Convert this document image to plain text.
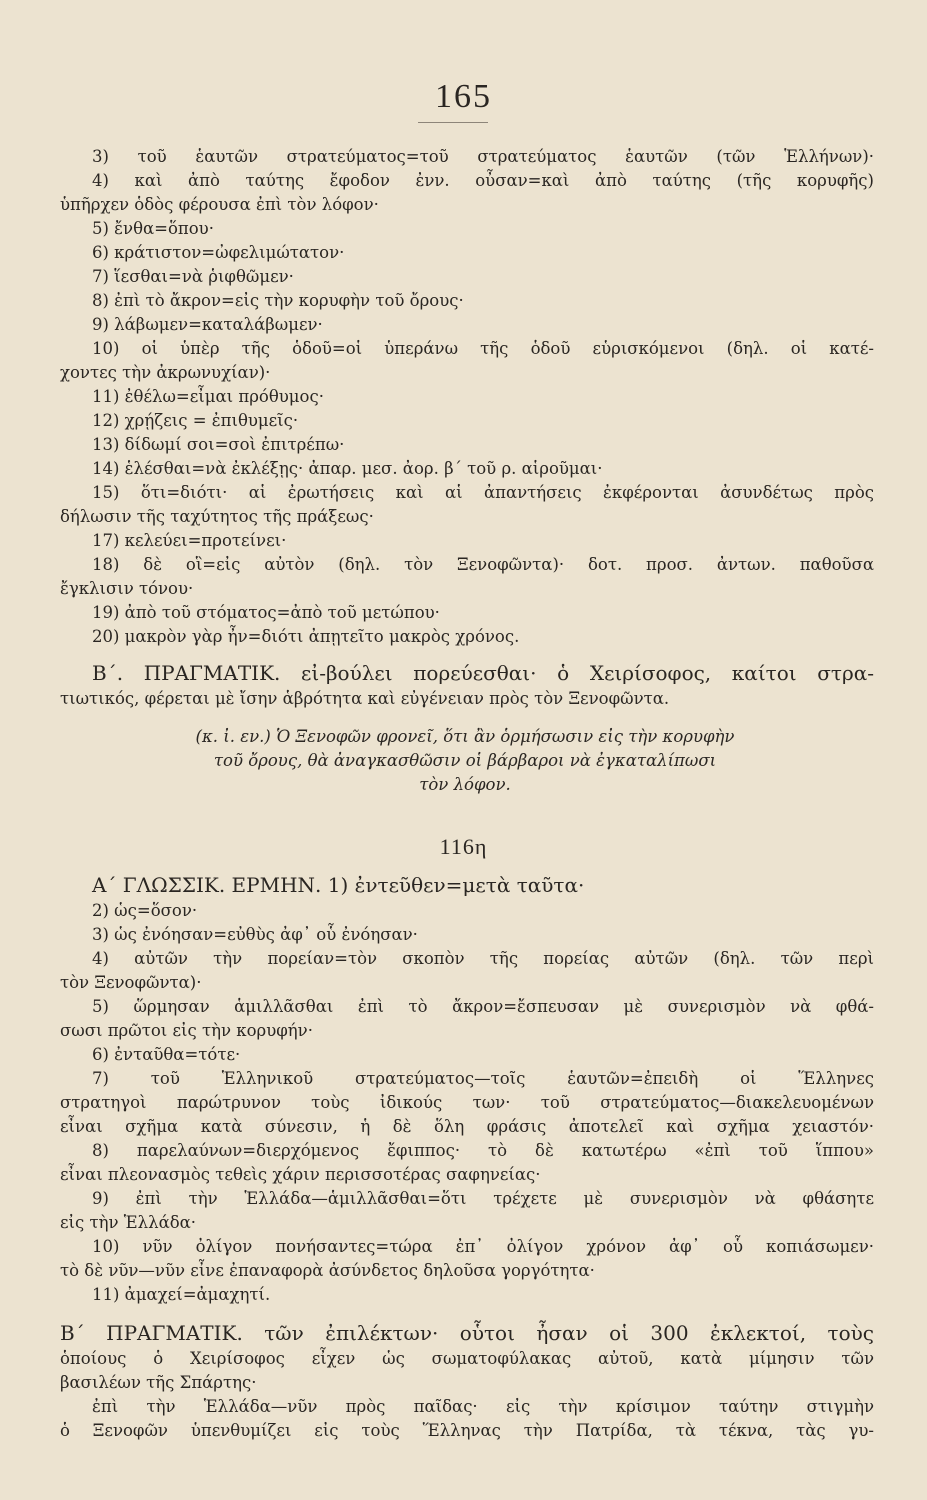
165
3) τοῦ ἑαυτῶν στρατεύματος=τοῦ στρατεύματος ἑαυτῶν (τῶν Ἑλλήνων)·
4) καὶ ἀπὸ ταύτης ἔφοδον ἐνν. οὖσαν=καὶ ἀπὸ ταύτης (τῆς κορυφῆς)
ὑπῆρχεν ὁδὸς φέρουσα ἐπὶ τὸν λόφον·
5) ἔνθα=ὅπου·
6) κράτιστον=ὠφελιμώτατον·
7) ἵεσθαι=νὰ ῥιφθῶμεν·
8) ἐπὶ τὸ ἄκρον=εἰς τὴν κορυφὴν τοῦ ὄρους·
9) λάβωμεν=καταλάβωμεν·
10) οἱ ὑπὲρ τῆς ὁδοῦ=οἱ ὑπεράνω τῆς ὁδοῦ εὑρισκόμενοι (δηλ. οἱ κατέ-
χοντες τὴν ἀκρωνυχίαν)·
11) ἐθέλω=εἶμαι πρόθυμος·
12) χρῄζεις = ἐπιθυμεῖς·
13) δίδωμί σοι=σοὶ ἐπιτρέπω·
14) ἑλέσθαι=νὰ ἐκλέξῃς· ἀπαρ. μεσ. ἀορ. β´ τοῦ ρ. αἱροῦμαι·
15) ὅτι=διότι· αἱ ἐρωτήσεις καὶ αἱ ἀπαντήσεις ἐκφέρονται ἀσυνδέτως πρὸς
δήλωσιν τῆς ταχύτητος τῆς πράξεως·
17) κελεύει=προτείνει·
18) δὲ οἳ=εἰς αὐτὸν (δηλ. τὸν Ξενοφῶντα)· δοτ. προσ. ἀντων. παθοῦσα
ἔγκλισιν τόνου·
19) ἀπὸ τοῦ στόματος=ἀπὸ τοῦ μετώπου·
20) μακρὸν γὰρ ἦν=διότι ἀπῃτεῖτο μακρὸς χρόνος.
Β´. ΠΡΑΓΜΑΤΙΚ. εἰ-βούλει πορεύεσθαι· ὁ Χειρίσοφος, καίτοι στρα-
τιωτικός, φέρεται μὲ ἴσην ἁβρότητα καὶ εὐγένειαν πρὸς τὸν Ξενοφῶντα.
(κ. ἰ. εν.) Ὁ Ξενοφῶν φρονεῖ, ὅτι ἂν ὁρμήσωσιν εἰς τὴν κορυφὴν
τοῦ ὄρους, θὰ ἀναγκασθῶσιν οἱ βάρβαροι νὰ ἐγκαταλίπωσι
τὸν λόφον.
116η
Α´ ΓΛΩΣΣΙΚ. ΕΡΜΗΝ. 1) ἐντεῦθεν=μετὰ ταῦτα·
2) ὡς=ὅσον·
3) ὡς ἐνόησαν=εὐθὺς ἀφ᾿ οὗ ἐνόησαν·
4) αὐτῶν τὴν πορείαν=τὸν σκοπὸν τῆς πορείας αὐτῶν (δηλ. τῶν περὶ
τὸν Ξενοφῶντα)·
5) ὥρμησαν ἁμιλλᾶσθαι ἐπὶ τὸ ἄκρον=ἔσπευσαν μὲ συνερισμὸν νὰ φθά-
σωσι πρῶτοι εἰς τὴν κορυφήν·
6) ἐνταῦθα=τότε·
7) τοῦ Ἑλληνικοῦ στρατεύματος—τοῖς ἑαυτῶν=ἐπειδὴ οἱ Ἕλληνες
στρατηγοὶ παρώτρυνον τοὺς ἰδικούς των· τοῦ στρατεύματος—διακελευομένων
εἶναι σχῆμα κατὰ σύνεσιν, ἡ δὲ ὅλη φράσις ἀποτελεῖ καὶ σχῆμα χειαστόν·
8) παρελαύνων=διερχόμενος ἔφιππος· τὸ δὲ κατωτέρω «ἐπὶ τοῦ ἵππου»
εἶναι πλεονασμὸς τεθεὶς χάριν περισσοτέρας σαφηνείας·
9) ἐπὶ τὴν Ἑλλάδα—ἁμιλλᾶσθαι=ὅτι τρέχετε μὲ συνερισμὸν νὰ φθάσητε
εἰς τὴν Ἑλλάδα·
10) νῦν ὀλίγον πονήσαντες=τώρα ἐπ᾿ ὀλίγον χρόνον ἀφ᾿ οὗ κοπιάσωμεν·
τὸ δὲ νῦν—νῦν εἶνε ἐπαναφορὰ ἀσύνδετος δηλοῦσα γοργότητα·
11) ἀμαχεί=ἀμαχητί.
Β´ ΠΡΑΓΜΑΤΙΚ. τῶν ἐπιλέκτων· οὗτοι ἦσαν οἱ 300 ἐκλεκτοί, τοὺς
ὁποίους ὁ Χειρίσοφος εἶχεν ὡς σωματοφύλακας αὐτοῦ, κατὰ μίμησιν τῶν
βασιλέων τῆς Σπάρτης·
ἐπὶ τὴν Ἑλλάδα—νῦν πρὸς παῖδας· εἰς τὴν κρίσιμον ταύτην στιγμὴν
ὁ Ξενοφῶν ὑπενθυμίζει εἰς τοὺς Ἕλληνας τὴν Πατρίδα, τὰ τέκνα, τὰς γυ-
